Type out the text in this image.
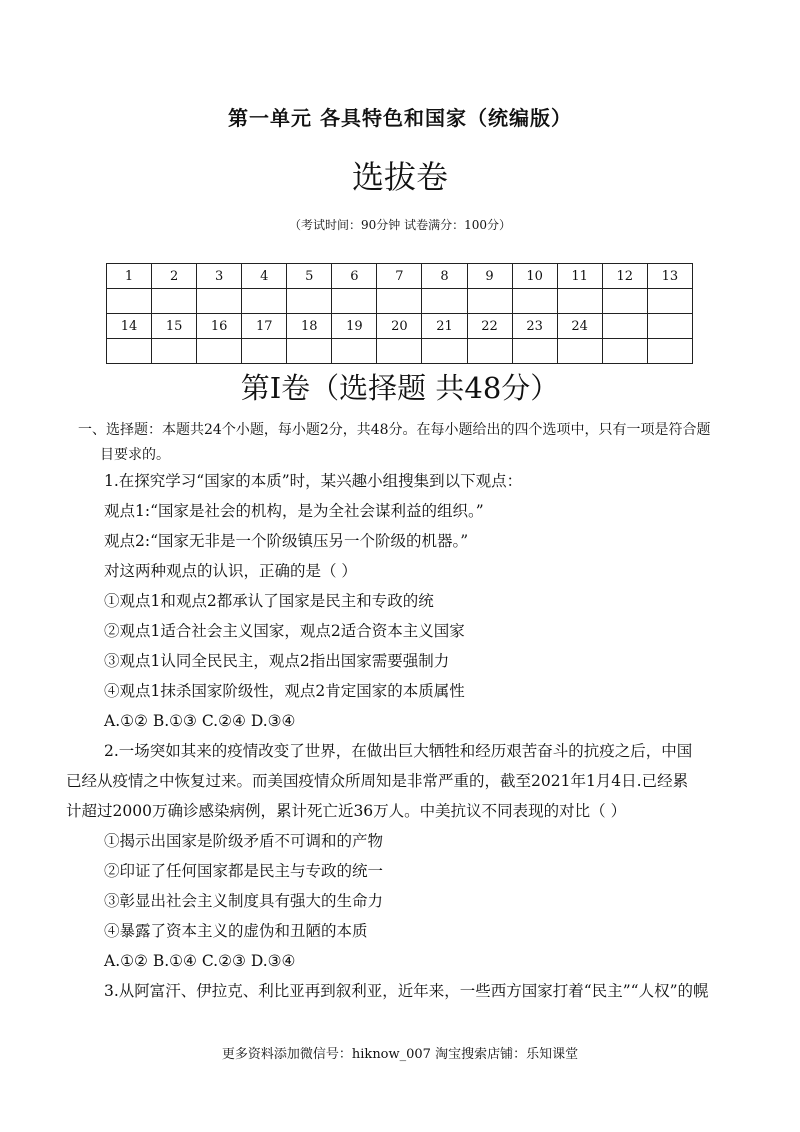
第一单元 各具特色和国家（统编版）
选拔卷
（考试时间：90分钟 试卷满分：100分）
1	2	3	4	5	6	7	8	9	10	11	12	13

14	15	16	17	18	19	20	21	22	23	24		

第I卷（选择题 共48分）
一、选择题：本题共24个小题，每小题2分，共48分。在每小题给出的四个选项中，只有一项是符合题
目要求的。
1.在探究学习“国家的本质”时，某兴趣小组搜集到以下观点：
观点1:“国家是社会的机构，是为全社会谋利益的组织。”
观点2:“国家无非是一个阶级镇压另一个阶级的机器。”
对这两种观点的认识，正确的是（ ）
①观点1和观点2都承认了国家是民主和专政的统
②观点1适合社会主义国家，观点2适合资本主义国家
③观点1认同全民民主，观点2指出国家需要强制力
④观点1抹杀国家阶级性，观点2肯定国家的本质属性
A.①② B.①③ C.②④ D.③④
2.一场突如其来的疫情改变了世界，在做出巨大牺牲和经历艰苦奋斗的抗疫之后，中国
已经从疫情之中恢复过来。而美国疫情众所周知是非常严重的，截至2021年1月4日.已经累
计超过2000万确诊感染病例，累计死亡近36万人。中美抗议不同表现的对比（ ）
①揭示出国家是阶级矛盾不可调和的产物
②印证了任何国家都是民主与专政的统一
③彰显出社会主义制度具有强大的生命力
④暴露了资本主义的虚伪和丑陋的本质
A.①② B.①④ C.②③ D.③④
3.从阿富汗、伊拉克、利比亚再到叙利亚，近年来，一些西方国家打着“民主”“人权”的幌
更多资料添加微信号：hiknow_007 淘宝搜索店铺：乐知课堂
